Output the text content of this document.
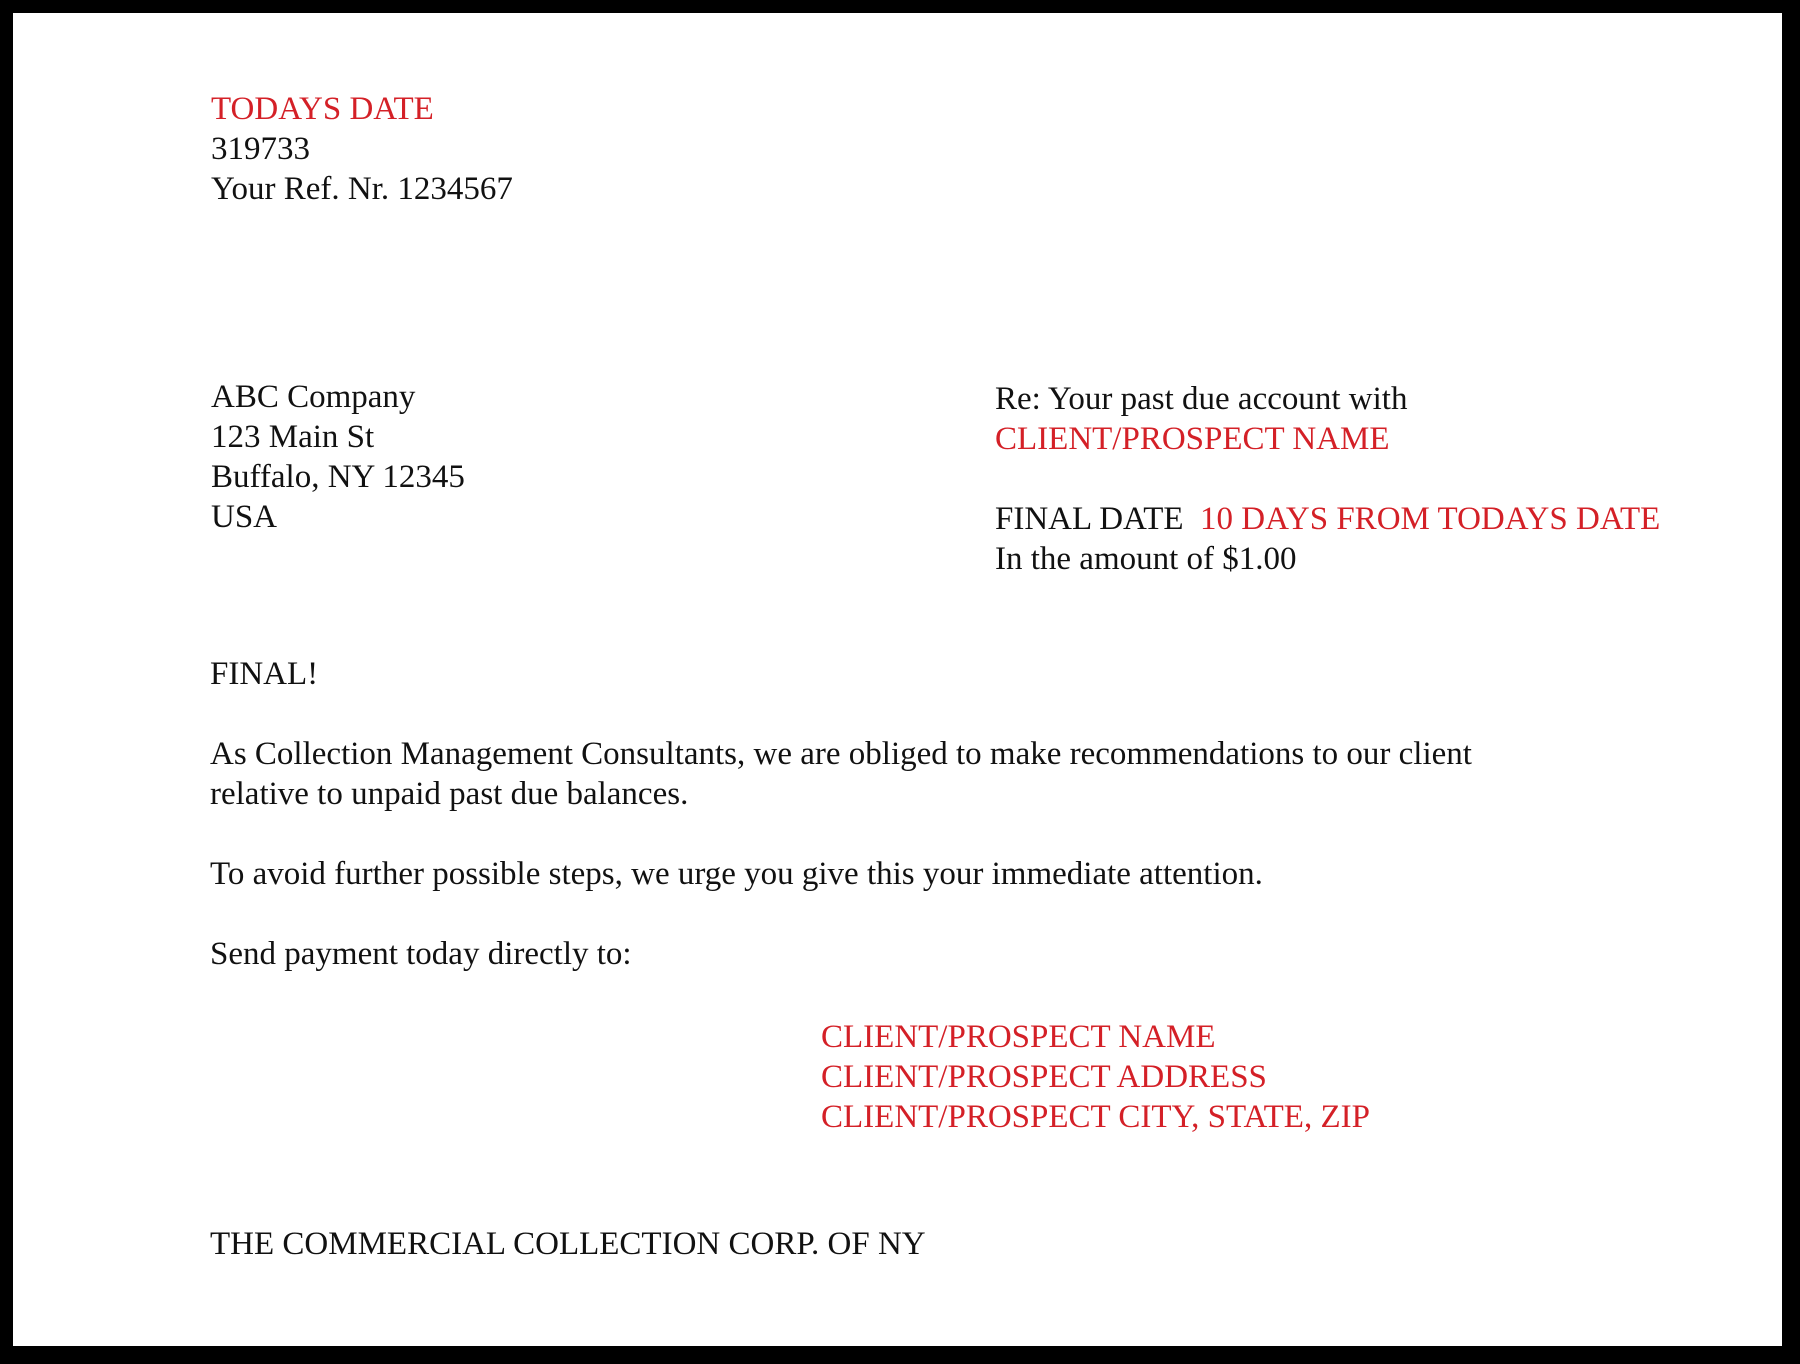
TODAYS DATE
319733
Your Ref. Nr. 1234567
ABC Company
123 Main St
Buffalo, NY 12345
USA
Re: Your past due account with
CLIENT/PROSPECT NAME
FINAL DATE 10 DAYS FROM TODAYS DATE
In the amount of $1.00
FINAL!
As Collection Management Consultants, we are obliged to make recommendations to our client
relative to unpaid past due balances.
To avoid further possible steps, we urge you give this your immediate attention.
Send payment today directly to:
CLIENT/PROSPECT NAME
CLIENT/PROSPECT ADDRESS
CLIENT/PROSPECT CITY, STATE, ZIP
THE COMMERCIAL COLLECTION CORP. OF NY
